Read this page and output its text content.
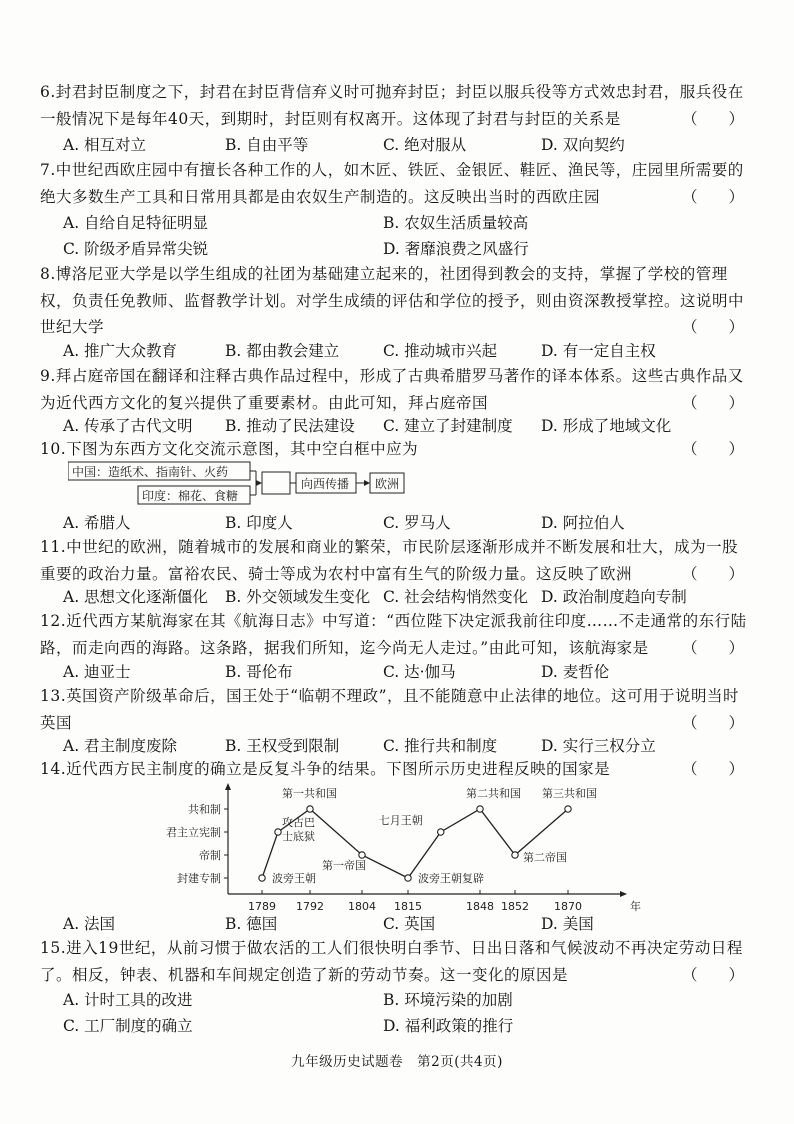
6.封君封臣制度之下，封君在封臣背信弃义时可抛弃封臣；封臣以服兵役等方式效忠封君，服兵役在一般情况下是每年40天，到期时，封臣则有权离开。这体现了封君与封臣的关系是	（　　）
A. 相互对立	B. 自由平等	C. 绝对服从	D. 双向契约
7.中世纪西欧庄园中有擅长各种工作的人，如木匠、铁匠、金银匠、鞋匠、渔民等，庄园里所需要的绝大多数生产工具和日常用具都是由农奴生产制造的。这反映出当时的西欧庄园	（　　）
A. 自给自足特征明显	B. 农奴生活质量较高
C. 阶级矛盾异常尖锐	D. 奢靡浪费之风盛行
8.博洛尼亚大学是以学生组成的社团为基础建立起来的，社团得到教会的支持，掌握了学校的管理权，负责任免教师、监督教学计划。对学生成绩的评估和学位的授予，则由资深教授掌控。这说明中世纪大学	（　　）
A. 推广大众教育	B. 都由教会建立	C. 推动城市兴起	D. 有一定自主权
9.拜占庭帝国在翻译和注释古典作品过程中，形成了古典希腊罗马著作的译本体系。这些古典作品又为近代西方文化的复兴提供了重要素材。由此可知，拜占庭帝国	（　　）
A. 传承了古代文明 B. 推动了民法建设 C. 建立了封建制度 D. 形成了地域文化
10.下图为东西方文化交流示意图，其中空白框中应为	（　　）
中国：造纸术、指南针、火药
印度：棉花、食糖
向西传播 欧洲
A. 希腊人	B. 印度人	C. 罗马人	D. 阿拉伯人
11.中世纪的欧洲，随着城市的发展和商业的繁荣，市民阶层逐渐形成并不断发展和壮大，成为一股重要的政治力量。富裕农民、骑士等成为农村中富有生气的阶级力量。这反映了欧洲	（　　）
A. 思想文化逐渐僵化 B. 外交领域发生变化 C. 社会结构悄然变化 D. 政治制度趋向专制
12.近代西方某航海家在其《航海日志》中写道：“西位陛下决定派我前往印度……不走通常的东行陆路，而走向西的海路。这条路，据我们所知，迄今尚无人走过。”由此可知，该航海家是 （　　）
A. 迪亚士	B. 哥伦布	C. 达·伽马	D. 麦哲伦
13.英国资产阶级革命后，国王处于“临朝不理政”，且不能随意中止法律的地位。这可用于说明当时英国	（　　）
A. 君主制度废除	B. 王权受到限制	C. 推行共和制度	D. 实行三权分立
14.近代西方民主制度的确立是反复斗争的结果。下图所示历史进程反映的国家是	（　　）
封建专制
帝制
君主立宪制
共和制
1789 1792 1804 1815	1848 1852 1870	年
波旁王朝
攻占巴
士底狱
第一共和国
第一帝国
波旁王朝复辟
七月王朝
第二共和国
第二帝国
第三共和国
A. 法国	B. 德国	C. 英国	D. 美国
15.进入19世纪，从前习惯于做农活的工人们很快明白季节、日出日落和气候波动不再决定劳动日程了。相反，钟表、机器和车间规定创造了新的劳动节奏。这一变化的原因是	（　　）
A. 计时工具的改进	B. 环境污染的加剧
C. 工厂制度的确立	D. 福利政策的推行
九年级历史试题卷　第2页(共4页)
